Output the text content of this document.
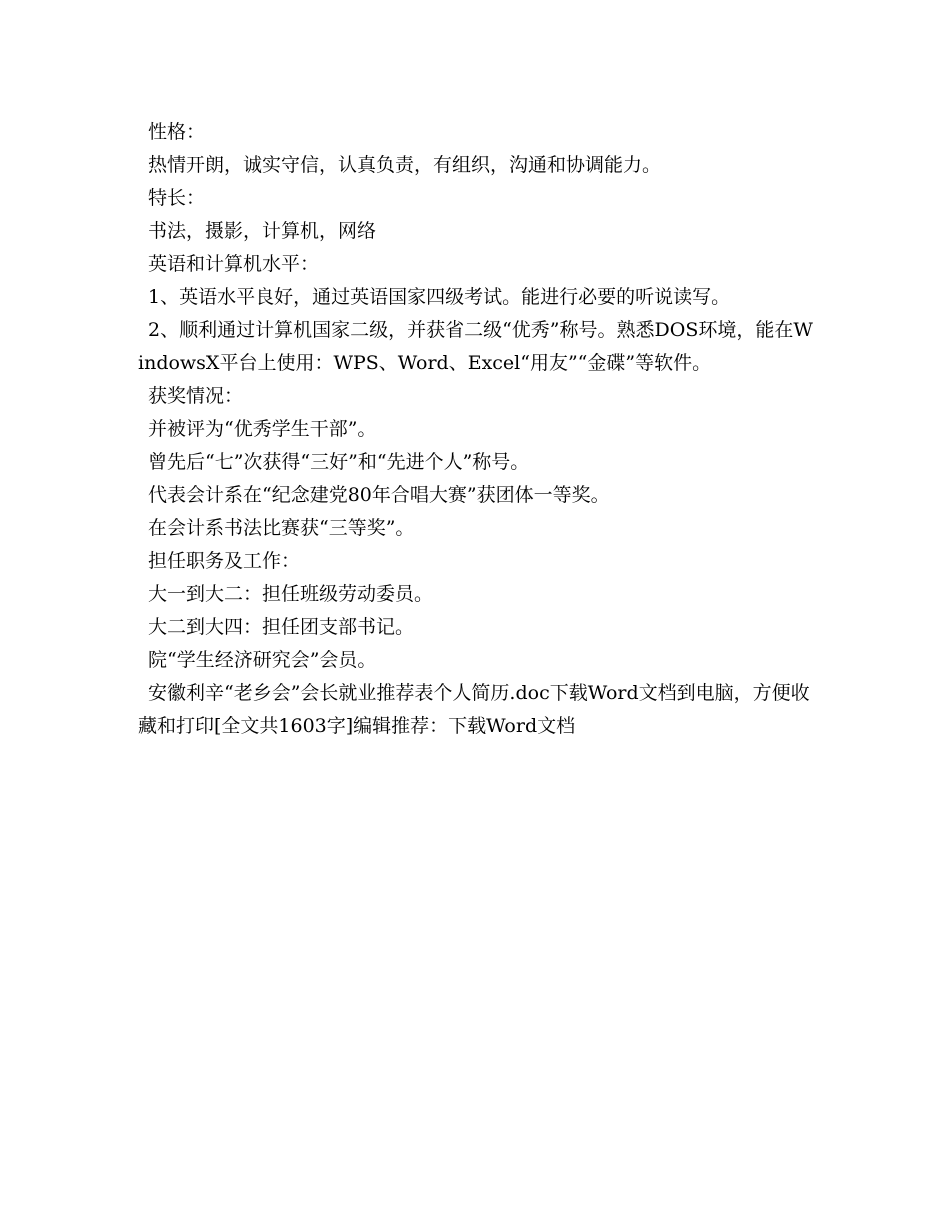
性格：

热情开朗，诚实守信，认真负责，有组织，沟通和协调能力。

特长：

书法，摄影，计算机，网络

英语和计算机水平：

1、英语水平良好，通过英语国家四级考试。能进行必要的听说读写。

2、顺利通过计算机国家二级，并获省二级“优秀”称号。熟悉DOS环境，能在WindowsX平台上使用：WPS、Word、Excel“用友”“金碟”等软件。

获奖情况：

并被评为“优秀学生干部”。

曾先后“七”次获得“三好”和“先进个人”称号。

代表会计系在“纪念建党80年合唱大赛”获团体一等奖。

在会计系书法比赛获“三等奖”。

担任职务及工作：

大一到大二：担任班级劳动委员。

大二到大四：担任团支部书记。

院“学生经济研究会”会员。

安徽利辛“老乡会”会长就业推荐表个人简历.doc下载Word文档到电脑，方便收藏和打印[全文共1603字]编辑推荐：下载Word文档
